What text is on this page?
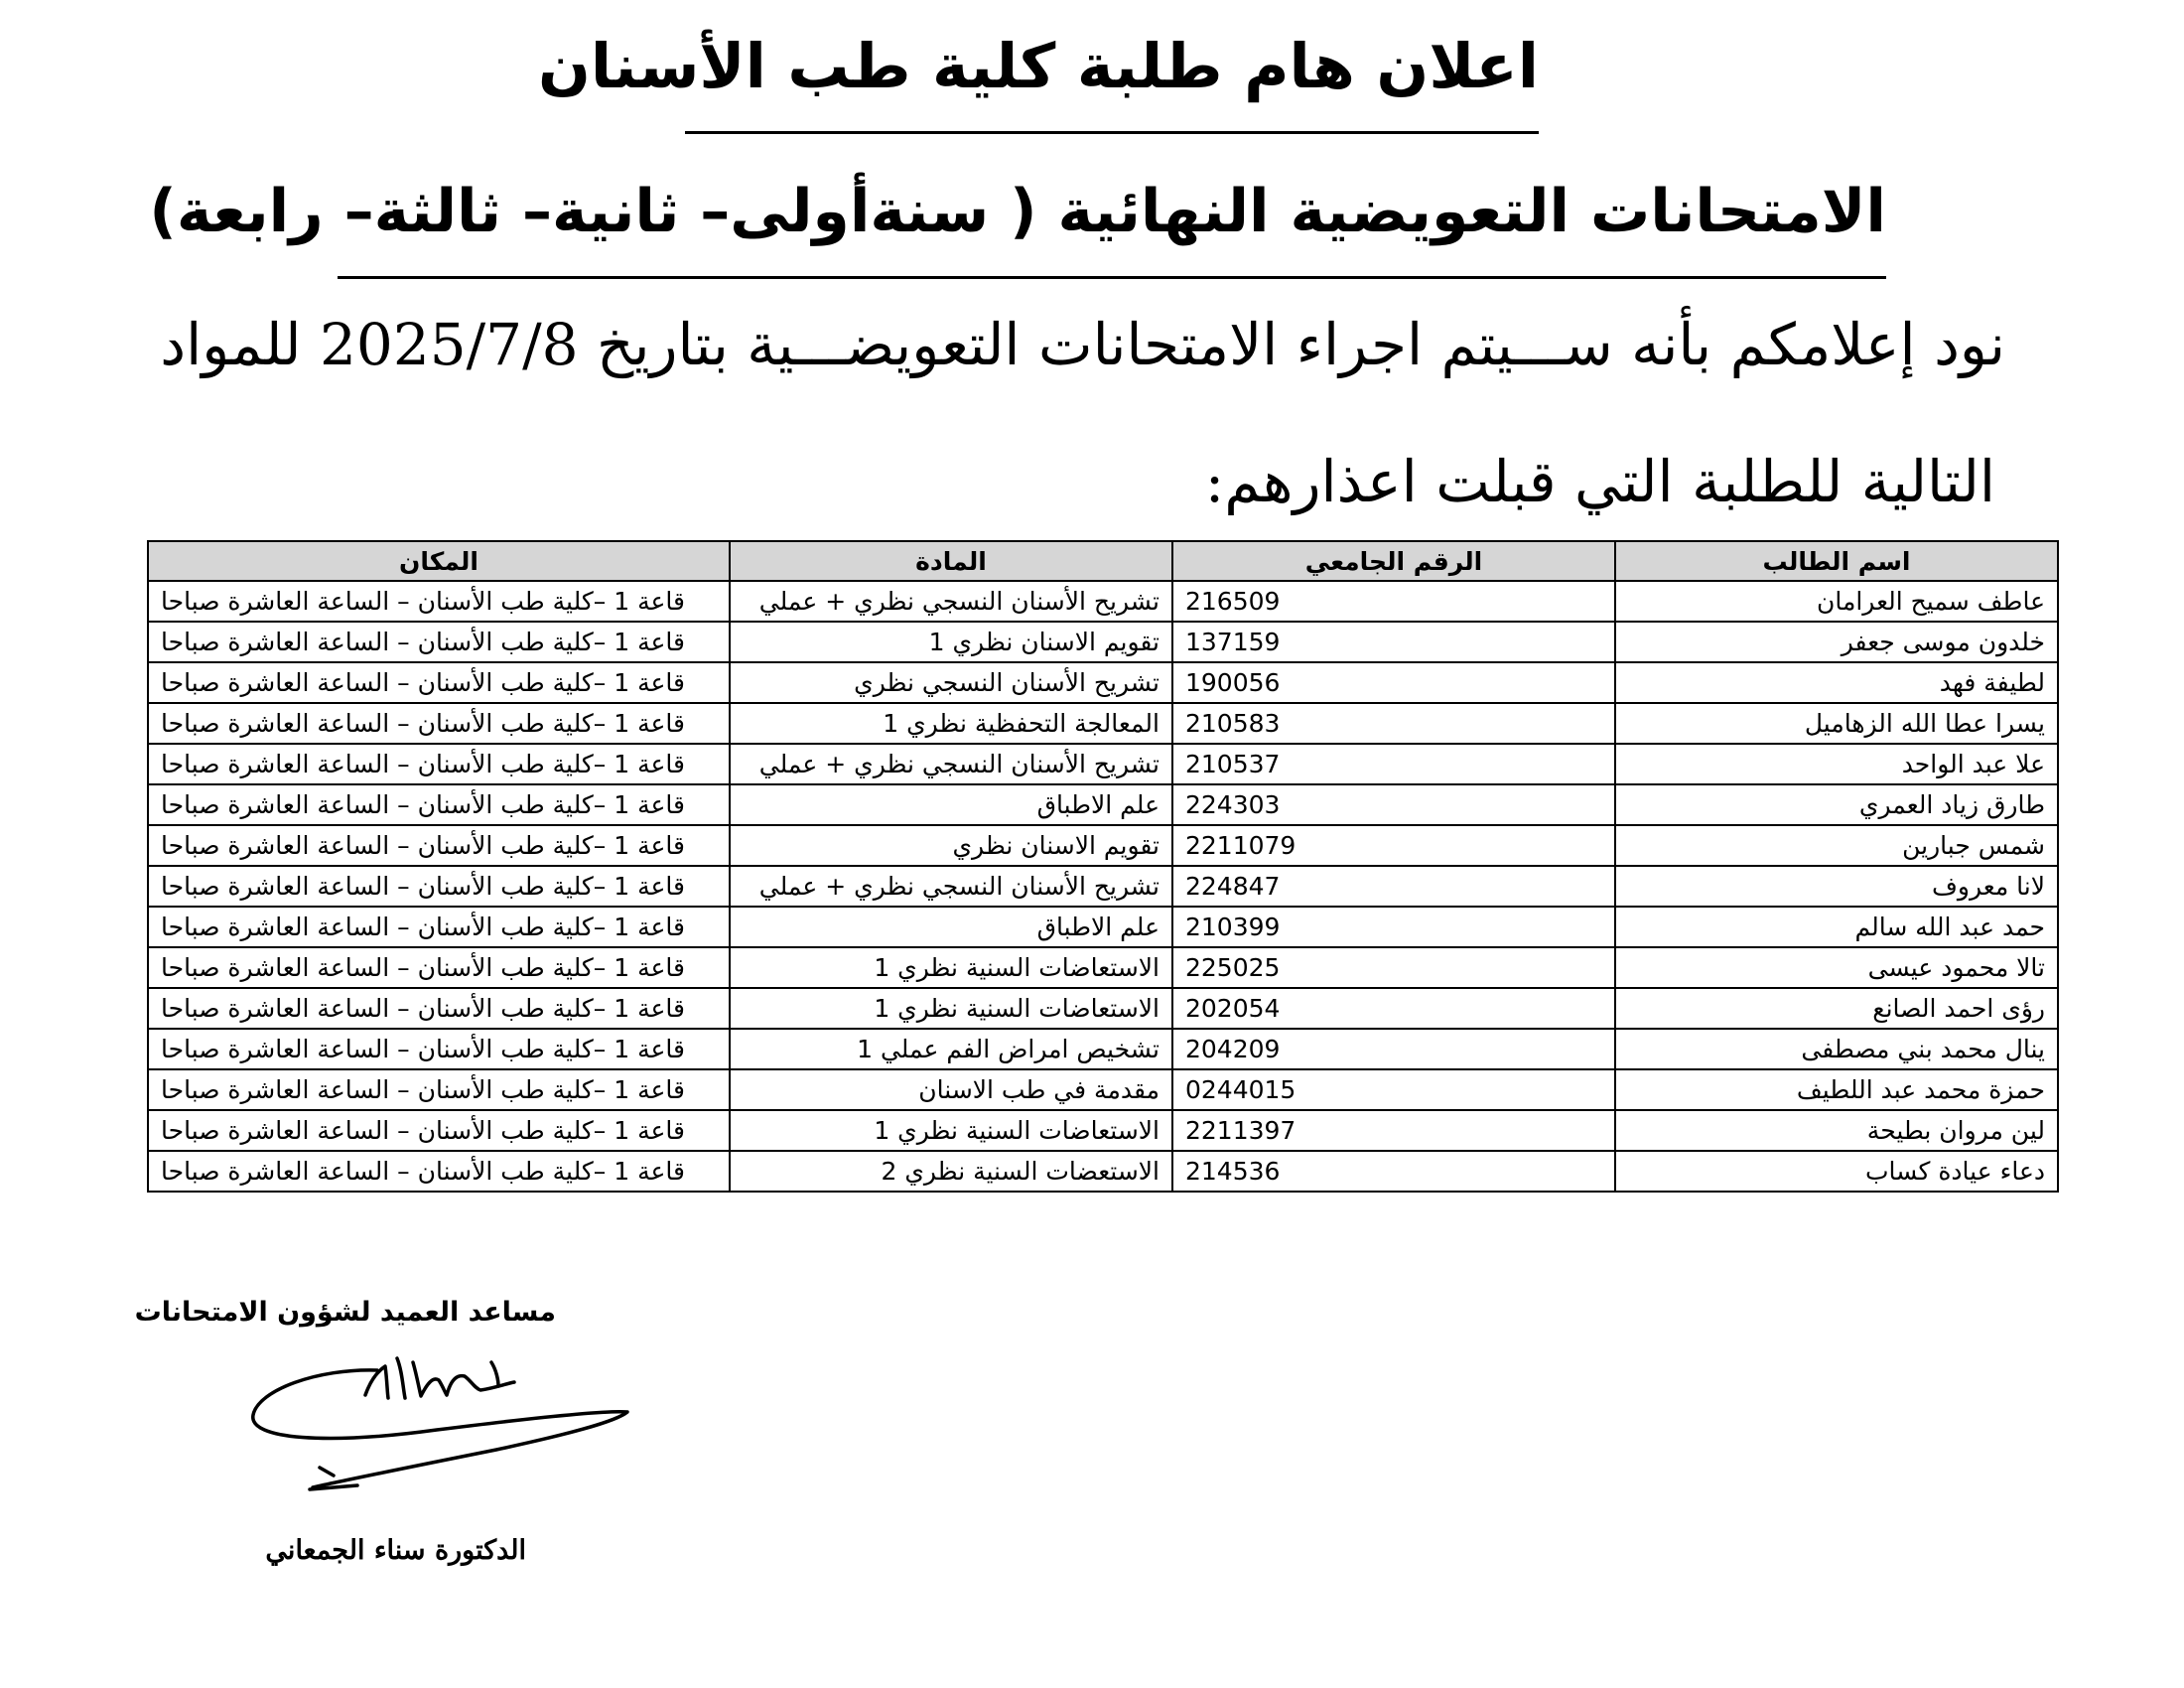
اعلان هام طلبة كلية طب الأسنان
الامتحانات التعويضية النهائية ( سنةأولى– ثانية– ثالثة– رابعة)
نود إعلامكم بأنه ســـيتم اجراء الامتحانات التعويضـــية بتاريخ 2025/7/8 للمواد
التالية للطلبة التي قبلت اعذارهم:
اسم الطالب	الرقم الجامعي	المادة	المكان
عاطف سميح العرامان	216509	تشريح الأسنان النسجي نظري + عملي	قاعة 1 –كلية طب الأسنان – الساعة العاشرة صباحا
خلدون موسى جعفر	137159	تقويم الاسنان نظري 1	قاعة 1 –كلية طب الأسنان – الساعة العاشرة صباحا
لطيفة فهد	190056	تشريح الأسنان النسجي نظري	قاعة 1 –كلية طب الأسنان – الساعة العاشرة صباحا
يسرا عطا الله الزهاميل	210583	المعالجة التحفظية نظري 1	قاعة 1 –كلية طب الأسنان – الساعة العاشرة صباحا
علا عبد الواحد	210537	تشريح الأسنان النسجي نظري + عملي	قاعة 1 –كلية طب الأسنان – الساعة العاشرة صباحا
طارق زياد العمري	224303	علم الاطباق	قاعة 1 –كلية طب الأسنان – الساعة العاشرة صباحا
شمس جبارين	2211079	تقويم الاسنان نظري	قاعة 1 –كلية طب الأسنان – الساعة العاشرة صباحا
لانا معروف	224847	تشريح الأسنان النسجي نظري + عملي	قاعة 1 –كلية طب الأسنان – الساعة العاشرة صباحا
حمد عبد الله سالم	210399	علم الاطباق	قاعة 1 –كلية طب الأسنان – الساعة العاشرة صباحا
تالا محمود عيسى	225025	الاستعاضات السنية نظري 1	قاعة 1 –كلية طب الأسنان – الساعة العاشرة صباحا
رؤى احمد الصانع	202054	الاستعاضات السنية نظري 1	قاعة 1 –كلية طب الأسنان – الساعة العاشرة صباحا
ينال محمد بني مصطفى	204209	تشخيص امراض الفم عملي 1	قاعة 1 –كلية طب الأسنان – الساعة العاشرة صباحا
حمزة محمد عبد اللطيف	0244015	مقدمة في طب الاسنان	قاعة 1 –كلية طب الأسنان – الساعة العاشرة صباحا
لين مروان بطيحة	2211397	الاستعاضات السنية نظري 1	قاعة 1 –كلية طب الأسنان – الساعة العاشرة صباحا
دعاء عيادة كساب	214536	الاستعضات السنية نظري 2	قاعة 1 –كلية طب الأسنان – الساعة العاشرة صباحا
مساعد العميد لشؤون الامتحانات
الدكتورة سناء الجمعاني
